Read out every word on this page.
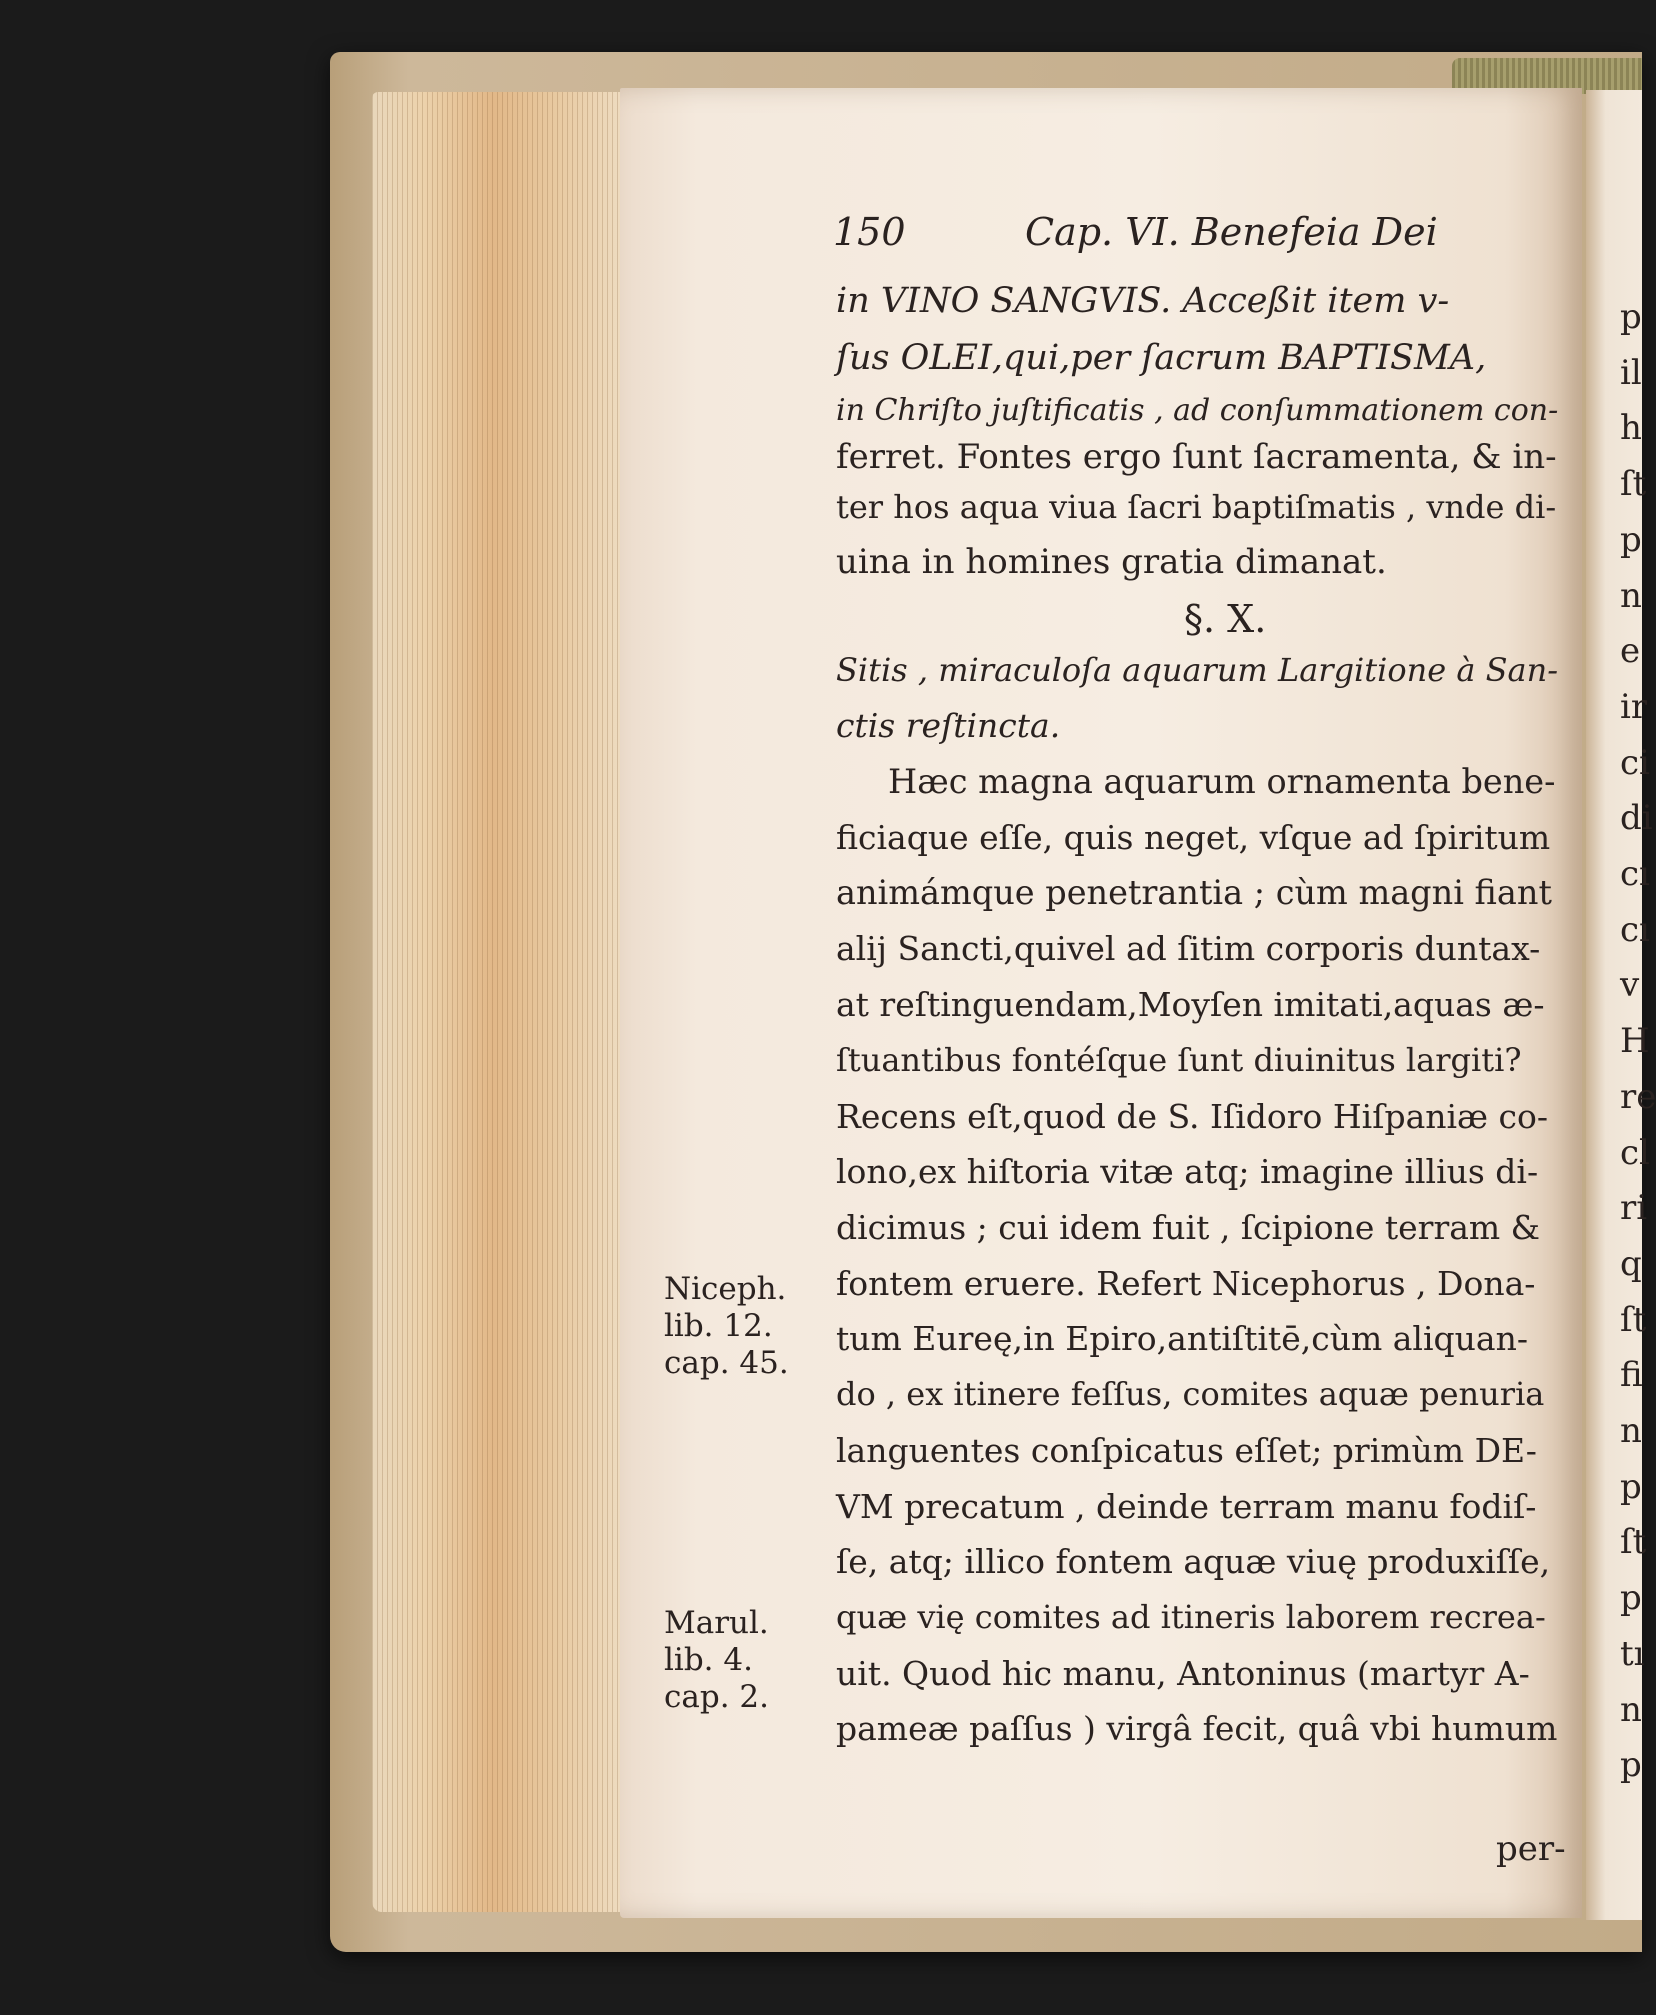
p
il
h
ſt
p
n
e
ir
ci
di
cı
cı
v
H
re
cl
ri
q
ſt
fi
n
p
ſt
p
tı
n
p
150	Cap. VI. Benefeia Dei
in VINO SANGVIS. Acceßit item v-
ſus OLEI,qui,per ſacrum BAPTISMA,
in Chriſto juſtificatis , ad conſummationem con-
ferret. Fontes ergo ſunt ſacramenta, & in-
ter hos aqua viua ſacri baptiſmatis , vnde di-
uina in homines gratia dimanat.
§. X.
Sitis , miraculoſa aquarum Largitione à San-
ctis reſtincta.
Hæc magna aquarum ornamenta bene-
ficiaque eſſe, quis neget, vſque ad ſpiritum
animámque penetrantia ; cùm magni fiant
alij Sancti,quivel ad ſitim corporis duntax-
at reſtinguendam,Moyſen imitati,aquas æ-
ſtuantibus fontéſque ſunt diuinitus largiti?
Recens eſt,quod de S. Iſidoro Hiſpaniæ co-
lono,ex hiſtoria vitæ atq; imagine illius di-
dicimus ; cui idem fuit , ſcipione terram &
fontem eruere. Refert Nicephorus , Dona-
tum Eureę,in Epiro,antiſtitē,cùm aliquan-
do , ex itinere feſſus, comites aquæ penuria
languentes conſpicatus eſſet; primùm DE-
VM precatum , deinde terram manu fodiſ-
ſe, atq; illico fontem aquæ viuę produxiſſe,
quæ vię comites ad itineris laborem recrea-
uit. Quod hic manu, Antoninus (martyr A-
pameæ paſſus ) virgâ fecit, quâ vbi humum
per-
Niceph.
lib. 12.
cap. 45.
Marul.
lib. 4.
cap. 2.
